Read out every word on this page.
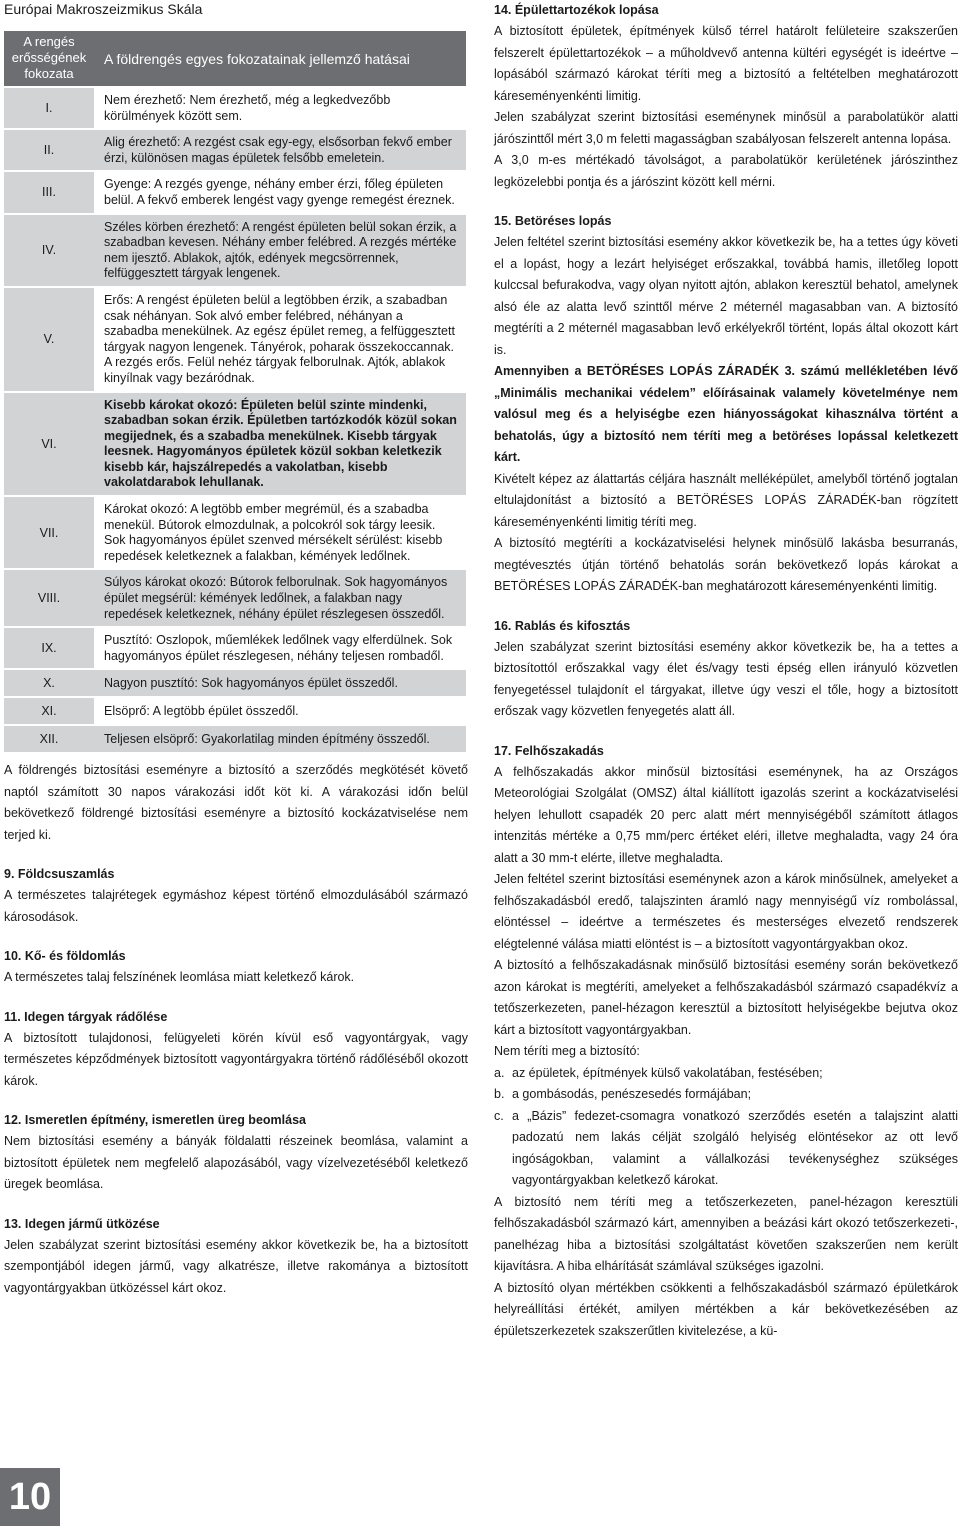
Európai Makroszeizmikus Skála
A rengés erősségének fokozata	A földrengés egyes fokozatainak jellemző hatásai
I.	Nem érezhető: Nem érezhető, még a legkedvezőbb körülmények között sem.
II.	Alig érezhető: A rezgést csak egy-egy, elsősorban fekvő ember érzi, különösen magas épületek felsőbb emeletein.
III.	Gyenge: A rezgés gyenge, néhány ember érzi, főleg épületen belül. A fekvő emberek lengést vagy gyenge remegést éreznek.
IV.	Széles körben érezhető: A rengést épületen belül sokan érzik, a szabadban kevesen. Néhány ember felébred. A rezgés mértéke nem ijesztő. Ablakok, ajtók, edények megcsörrennek, felfüggesztett tárgyak lengenek.
V.	Erős: A rengést épületen belül a legtöbben érzik, a szabadban csak néhányan. Sok alvó ember felébred, néhányan a szabadba menekülnek. Az egész épület remeg, a felfüggesztett tárgyak nagyon lengenek. Tányérok, poharak összekoccannak. A rezgés erős. Felül nehéz tárgyak felborulnak. Ajtók, ablakok kinyílnak vagy bezáródnak.
VI.	Kisebb károkat okozó: Épületen belül szinte mindenki, szabadban sokan érzik. Épületben tartózkodók közül sokan megijednek, és a szabadba menekülnek. Kisebb tárgyak leesnek. Hagyományos épületek közül sokban keletkezik kisebb kár, hajszálrepedés a vakolatban, kisebb vakolatdarabok lehullanak.
VII.	Károkat okozó: A legtöbb ember megrémül, és a szabadba menekül. Bútorok elmozdulnak, a polcokról sok tárgy leesik. Sok hagyományos épület szenved mérsékelt sérülést: kisebb repedések keletkeznek a falakban, kémények ledőlnek.
VIII.	Súlyos károkat okozó: Bútorok felborulnak. Sok hagyományos épület megsérül: kémények ledőlnek, a falakban nagy repedések keletkeznek, néhány épület részlegesen összedől.
IX.	Pusztító: Oszlopok, műemlékek ledőlnek vagy elferdülnek. Sok hagyományos épület részlegesen, néhány teljesen rombadől.
X.	Nagyon pusztító: Sok hagyományos épület összedől.
XI.	Elsöprő: A legtöbb épület összedől.
XII.	Teljesen elsöprő: Gyakorlatilag minden építmény összedől.

A földrengés biztosítási eseményre a biztosító a szerződés megkötését követő naptól számított 30 napos várakozási időt köt ki. A várakozási időn belül bekövetkező földrengé biztosítási eseményre a biztosító kockázatviselése nem terjed ki.

9. Földcsuszamlás

A természetes talajrétegek egymáshoz képest történő elmozdulásából származó károsodások.

10. Kő- és földomlás

A természetes talaj felszínének leomlása miatt keletkező károk.

11. Idegen tárgyak rádőlése

A biztosított tulajdonosi, felügyeleti körén kívül eső vagyontárgyak, vagy természetes képződmények biztosított vagyontárgyakra történő rádőléséből okozott károk.

12. Ismeretlen építmény, ismeretlen üreg beomlása

Nem biztosítási esemény a bányák földalatti részeinek beomlása, valamint a biztosított épületek nem megfelelő alapozásából, vagy vízelvezetéséből keletkező üregek beomlása.

13. Idegen jármű ütközése

Jelen szabályzat szerint biztosítási esemény akkor következik be, ha a biztosított szempontjából idegen jármű, vagy alkatrésze, illetve rakománya a biztosított vagyontárgyakban ütközéssel kárt okoz.

14. Épülettartozékok lopása

A biztosított épületek, építmények külső térrel határolt felületeire szakszerűen felszerelt épülettartozékok – a műholdvevő antenna kültéri egységét is ideértve – lopásából származó károkat téríti meg a biztosító a feltételben meghatározott káreseményenkénti limitig.

Jelen szabályzat szerint biztosítási eseménynek minősül a parabolatükör alatti járószinttől mért 3,0 m feletti magasságban szabályosan felszerelt antenna lopása.

A 3,0 m-es mértékadó távolságot, a parabolatükör kerületének járószinthez legközelebbi pontja és a járószint között kell mérni.

15. Betöréses lopás

Jelen feltétel szerint biztosítási esemény akkor következik be, ha a tettes úgy követi el a lopást, hogy a lezárt helyiséget erőszakkal, továbbá hamis, illetőleg lopott kulccsal befurakodva, vagy olyan nyitott ajtón, ablakon keresztül behatol, amelynek alsó éle az alatta levő szinttől mérve 2 méternél magasabban van. A biztosító megtéríti a 2 méternél magasabban levő erkélyekről történt, lopás által okozott kárt is.

Amennyiben a BETÖRÉSES LOPÁS ZÁRADÉK 3. számú mellékletében lévő „Minimális mechanikai védelem” előírásainak valamely követelménye nem valósul meg és a helyiségbe ezen hiányosságokat kihasználva történt a behatolás, úgy a biztosító nem téríti meg a betöréses lopással keletkezett kárt.

Kivételt képez az álattartás céljára használt melléképület, amelyből történő jogtalan eltulajdonítást a biztosító a BETÖRÉSES LOPÁS ZÁRADÉK-ban rögzített káreseményenkénti limitig téríti meg.

A biztosító megtéríti a kockázatviselési helynek minősülő lakásba besurranás, megtévesztés útján történő behatolás során bekövetkező lopás károkat a BETÖRÉSES LOPÁS ZÁRADÉK-ban meghatározott káreseményenkénti limitig.

16. Rablás és kifosztás

Jelen szabályzat szerint biztosítási esemény akkor következik be, ha a tettes a biztosítottól erőszakkal vagy élet és/vagy testi épség ellen irányuló közvetlen fenyegetéssel tulajdonít el tárgyakat, illetve úgy veszi el tőle, hogy a biztosított erőszak vagy közvetlen fenyegetés alatt áll.

17. Felhőszakadás

A felhőszakadás akkor minősül biztosítási eseménynek, ha az Országos Meteorológiai Szolgálat (OMSZ) által kiállított igazolás szerint a kockázatviselési helyen lehullott csapadék 20 perc alatt mért mennyiségéből számított átlagos intenzitás mértéke a 0,75 mm/perc értéket eléri, illetve meghaladta, vagy 24 óra alatt a 30 mm-t elérte, illetve meghaladta.

Jelen feltétel szerint biztosítási eseménynek azon a károk minősülnek, amelyeket a felhőszakadásból eredő, talajszinten áramló nagy mennyiségű víz rombolással, elöntéssel – ideértve a természetes és mesterséges elvezető rendszerek elégtelenné válása miatti elöntést is – a biztosított vagyontárgyakban okoz.

A biztosító a felhőszakadásnak minősülő biztosítási esemény során bekövetkező azon károkat is megtéríti, amelyeket a felhőszakadásból származó csapadékvíz a tetőszerkezeten, panel-hézagon keresztül a biztosított helyiségekbe bejutva okoz kárt a biztosított vagyontárgyakban.

Nem téríti meg a biztosító:

a. az épületek, építmények külső vakolatában, festésében;
b. a gombásodás, penészesedés formájában;
c. a „Bázis” fedezet-csomagra vonatkozó szerződés esetén a talajszint alatti padozatú nem lakás céljät szolgáló helyiség elöntésekor az ott levő ingóságokban, valamint a vállalkozási tevékenységhez szükséges vagyontárgyakban keletkező károkat.

A biztosító nem téríti meg a tetőszerkezeten, panel-hézagon keresztüli felhőszakadásból származó kárt, amennyiben a beázási kárt okozó tetőszerkezeti-, panelhézag hiba a biztosítási szolgáltatást követően szakszerűen nem került kijavításra. A hiba elhárítását számlával szükséges igazolni.

A biztosító olyan mértékben csökkenti a felhőszakadásból származó épületkárok helyreállítási értékét, amilyen mértékben a kár bekövetkezésében az épületszerkezetek szakszerűtlen kivitelezése, a kü-

10
